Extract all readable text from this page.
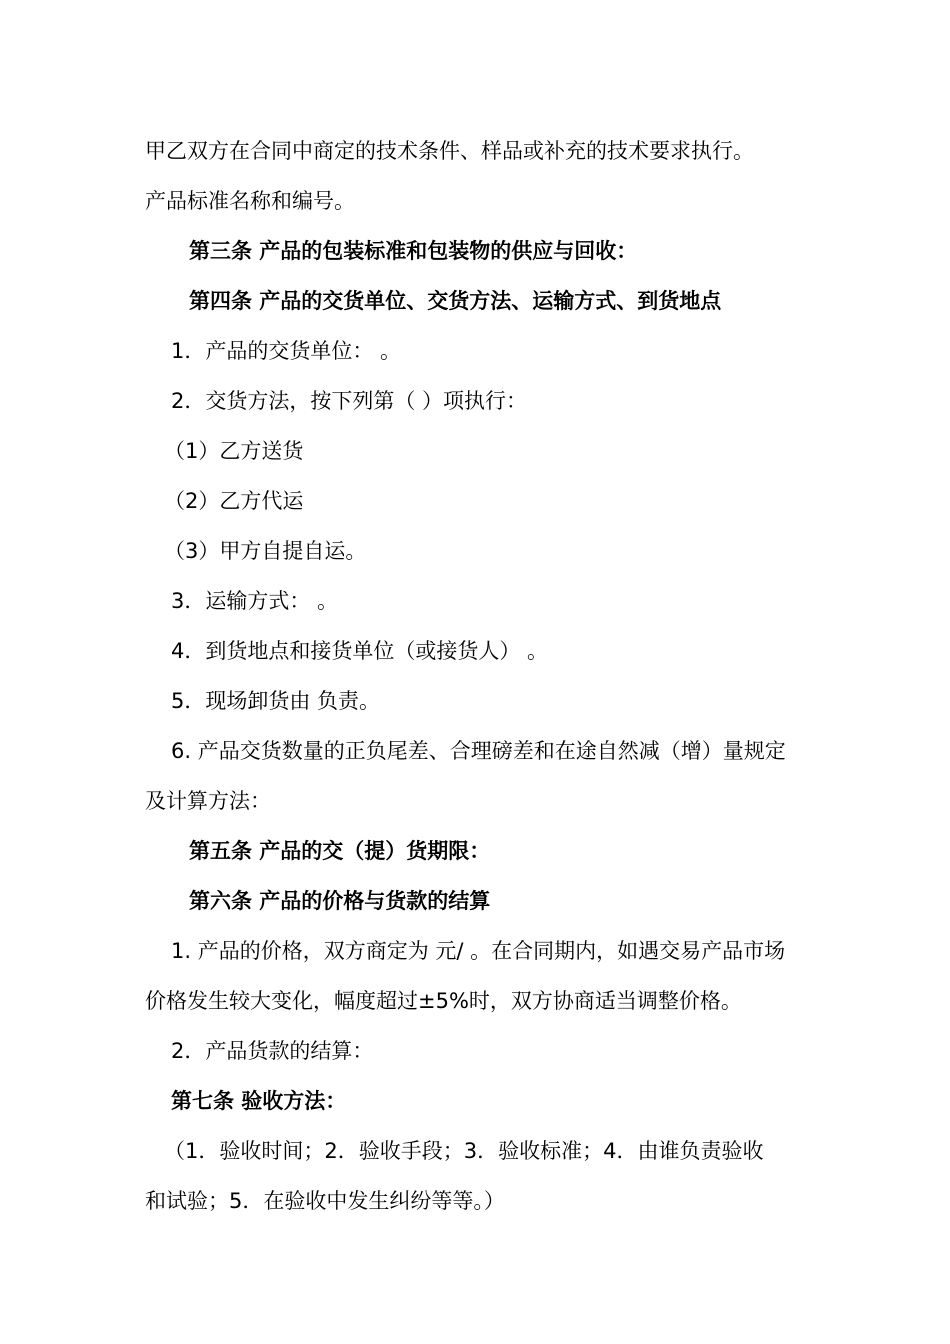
甲乙双方在合同中商定的技术条件、样品或补充的技术要求执行。
产品标准名称和编号。
第三条 产品的包装标准和包装物的供应与回收：
第四条 产品的交货单位、交货方法、运输方式、到货地点
1．产品的交货单位： 。
2．交货方法，按下列第（ ）项执行：
（1）乙方送货
（2）乙方代运
（3）甲方自提自运。
3．运输方式： 。
4．到货地点和接货单位（或接货人） 。
5．现场卸货由 负责。
6. 产品交货数量的正负尾差、合理磅差和在途自然减（增）量规定
及计算方法：
第五条 产品的交（提）货期限：
第六条 产品的价格与货款的结算
1. 产品的价格，双方商定为 元/ 。在合同期内，如遇交易产品市场
价格发生较大变化，幅度超过±5%时，双方协商适当调整价格。
2．产品货款的结算：
第七条 验收方法：
（1．验收时间；2．验收手段；3．验收标准；4．由谁负责验收
和试验；5．在验收中发生纠纷等等。）
